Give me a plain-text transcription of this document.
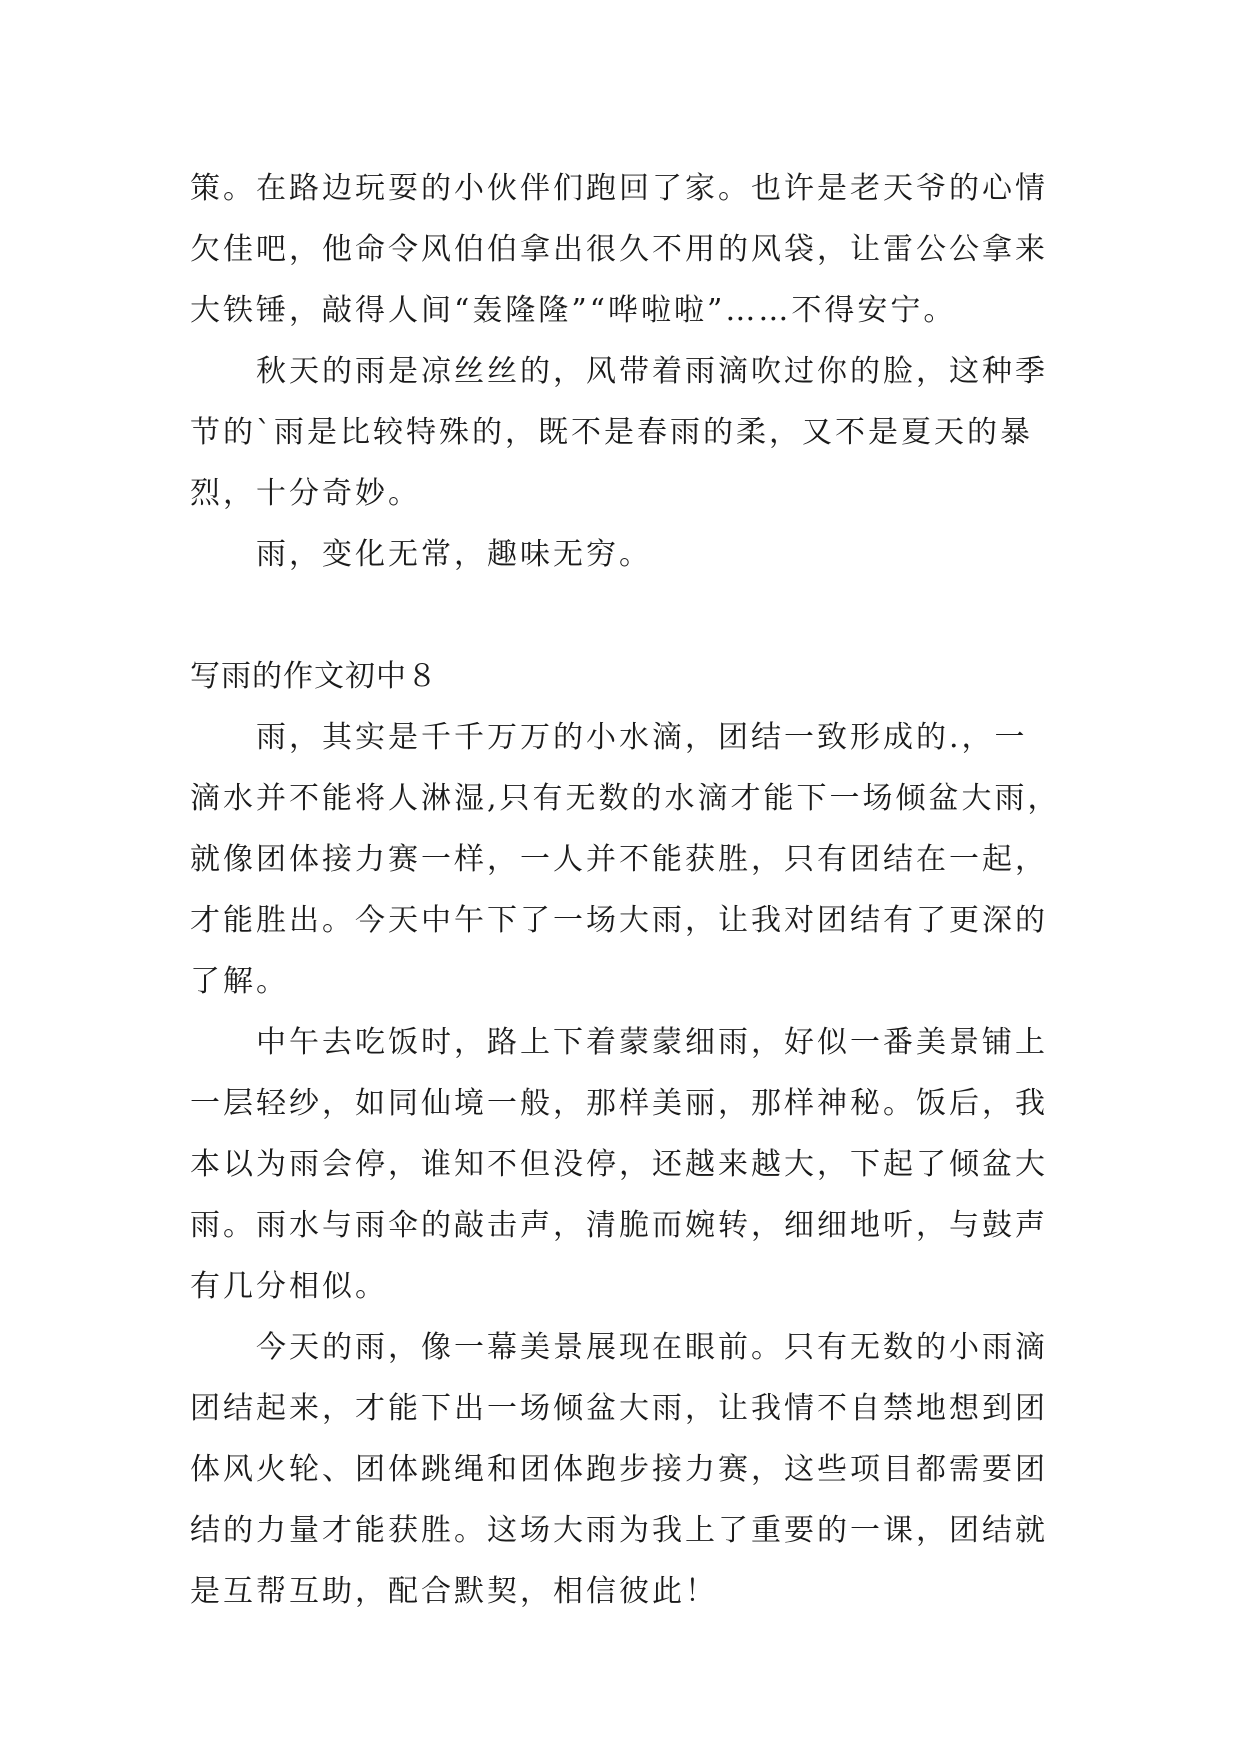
策。在路边玩耍的小伙伴们跑回了家。也许是老天爷的心情
欠佳吧，他命令风伯伯拿出很久不用的风袋，让雷公公拿来
大铁锤，敲得人间“轰隆隆”“哗啦啦”……不得安宁。
秋天的雨是凉丝丝的，风带着雨滴吹过你的脸，这种季
节的`雨是比较特殊的，既不是春雨的柔，又不是夏天的暴
烈，十分奇妙。
雨，变化无常，趣味无穷。
写雨的作文初中８
雨，其实是千千万万的小水滴，团结一致形成的.，一
滴水并不能将人淋湿,只有无数的水滴才能下一场倾盆大雨，
就像团体接力赛一样，一人并不能获胜，只有团结在一起，
才能胜出。今天中午下了一场大雨，让我对团结有了更深的
了解。
中午去吃饭时，路上下着蒙蒙细雨，好似一番美景铺上
一层轻纱，如同仙境一般，那样美丽，那样神秘。饭后，我
本以为雨会停，谁知不但没停，还越来越大，下起了倾盆大
雨。雨水与雨伞的敲击声，清脆而婉转，细细地听，与鼓声
有几分相似。
今天的雨，像一幕美景展现在眼前。只有无数的小雨滴
团结起来，才能下出一场倾盆大雨，让我情不自禁地想到团
体风火轮、团体跳绳和团体跑步接力赛，这些项目都需要团
结的力量才能获胜。这场大雨为我上了重要的一课，团结就
是互帮互助，配合默契，相信彼此！
